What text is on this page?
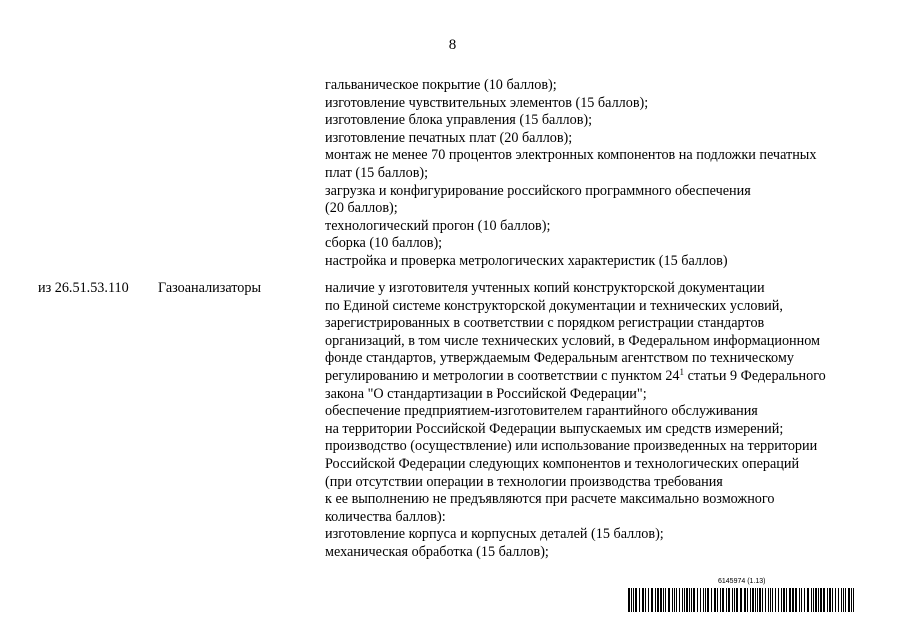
8
гальваническое покрытие (10 баллов);
изготовление чувствительных элементов (15 баллов);
изготовление блока управления (15 баллов);
изготовление печатных плат (20 баллов);
монтаж не менее 70 процентов электронных компонентов на подложки печатных
плат (15 баллов);
загрузка и конфигурирование российского программного обеспечения
(20 баллов);
технологический прогон (10 баллов);
сборка (10 баллов);
настройка и проверка метрологических характеристик (15 баллов)
из 26.51.53.110 Газоанализаторы	наличие у изготовителя учтенных копий конструкторской документации
по Единой системе конструкторской документации и технических условий,
зарегистрированных в соответствии с порядком регистрации стандартов
организаций, в том числе технических условий, в Федеральном информационном
фонде стандартов, утверждаемым Федеральным агентством по техническому
регулированию и метрологии в соответствии с пунктом $24^1$ статьи 9 Федерального
закона "О стандартизации в Российской Федерации";
обеспечение предприятием-изготовителем гарантийного обслуживания
на территории Российской Федерации выпускаемых им средств измерений;
производство (осуществление) или использование произведенных на территории
Российской Федерации следующих компонентов и технологических операций
(при отсутствии операции в технологии производства требования
к ее выполнению не предъявляются при расчете максимально возможного
количества баллов):
изготовление корпуса и корпусных деталей (15 баллов);
механическая обработка (15 баллов);
6145974 (1.13)
